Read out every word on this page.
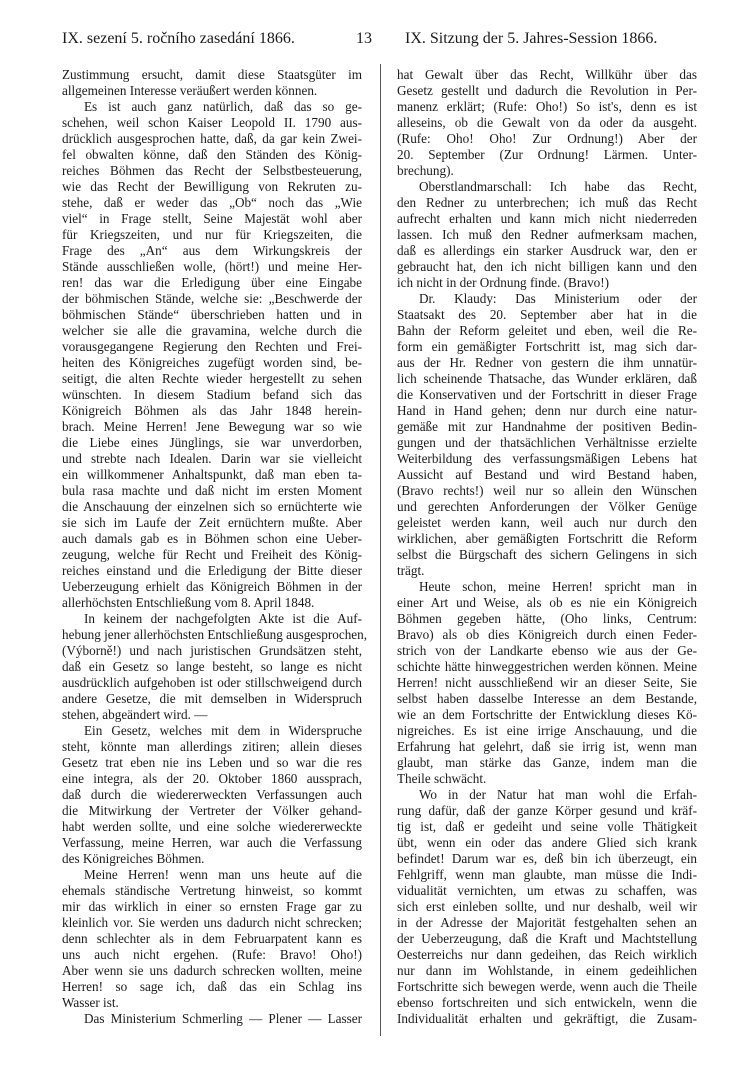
IX. sezení 5. ročního zasedání 1866.	13 IX. Sitzung der 5. Jahres-Session 1866.
Zustimmung ersucht, damit diese Staatsgüter im
allgemeinen Interesse veräußert werden können.
Es ist auch ganz natürlich, daß das so ge-
schehen, weil schon Kaiser Leopold II. 1790 aus-
drücklich ausgesprochen hatte, daß, da gar kein Zwei-
fel obwalten könne, daß den Ständen des König-
reiches Böhmen das Recht der Selbstbesteuerung,
wie das Recht der Bewilligung von Rekruten zu-
stehe, daß er weder das „Ob“ noch das „Wie
viel“ in Frage stellt, Seine Majestät wohl aber
für Kriegszeiten, und nur für Kriegszeiten, die
Frage des „An“ aus dem Wirkungskreis der
Stände ausschließen wolle, (hört!) und meine Her-
ren! das war die Erledigung über eine Eingabe
der böhmischen Stände, welche sie: „Beschwerde der
böhmischen Stände“ überschrieben hatten und in
welcher sie alle die gravamina, welche durch die
vorausgegangene Regierung den Rechten und Frei-
heiten des Königreiches zugefügt worden sind, be-
seitigt, die alten Rechte wieder hergestellt zu sehen
wünschten. In diesem Stadium befand sich das
Königreich Böhmen als das Jahr 1848 herein-
brach. Meine Herren! Jene Bewegung war so wie
die Liebe eines Jünglings, sie war unverdorben,
und strebte nach Idealen. Darin war sie vielleicht
ein willkommener Anhaltspunkt, daß man eben ta-
bula rasa machte und daß nicht im ersten Moment
die Anschauung der einzelnen sich so ernüchterte wie
sie sich im Laufe der Zeit ernüchtern mußte. Aber
auch damals gab es in Böhmen schon eine Ueber-
zeugung, welche für Recht und Freiheit des König-
reiches einstand und die Erledigung der Bitte dieser
Ueberzeugung erhielt das Königreich Böhmen in der
allerhöchsten Entschließung vom 8. April 1848.
In keinem der nachgefolgten Akte ist die Auf-
hebung jener allerhöchsten Entschließung ausgesprochen,
(Výborně!) und nach juristischen Grundsätzen steht,
daß ein Gesetz so lange besteht, so lange es nicht
ausdrücklich aufgehoben ist oder stillschweigend durch
andere Gesetze, die mit demselben in Widerspruch
stehen, abgeändert wird. —
Ein Gesetz, welches mit dem in Widerspruche
steht, könnte man allerdings zitiren; allein dieses
Gesetz trat eben nie ins Leben und so war die res
eine integra, als der 20. Oktober 1860 aussprach,
daß durch die wiedererweckten Verfassungen auch
die Mitwirkung der Vertreter der Völker gehand-
habt werden sollte, und eine solche wiedererweckte
Verfassung, meine Herren, war auch die Verfassung
des Königreiches Böhmen.
Meine Herren! wenn man uns heute auf die
ehemals ständische Vertretung hinweist, so kommt
mir das wirklich in einer so ernsten Frage gar zu
kleinlich vor. Sie werden uns dadurch nicht schrecken;
denn schlechter als in dem Februarpatent kann es
uns auch nicht ergehen. (Rufe: Bravo! Oho!)
Aber wenn sie uns dadurch schrecken wollten, meine
Herren! so sage ich, daß das ein Schlag ins
Wasser ist.
Das Ministerium Schmerling — Plener — Lasser
hat Gewalt über das Recht, Willkühr über das
Gesetz gestellt und dadurch die Revolution in Per-
manenz erklärt; (Rufe: Oho!) So ist's, denn es ist
alleseins, ob die Gewalt von da oder da ausgeht.
(Rufe: Oho! Oho! Zur Ordnung!) Aber der
20. September (Zur Ordnung! Lärmen. Unter-
brechung).
Oberstlandmarschall: Ich habe das Recht,
den Redner zu unterbrechen; ich muß das Recht
aufrecht erhalten und kann mich nicht niederreden
lassen. Ich muß den Redner aufmerksam machen,
daß es allerdings ein starker Ausdruck war, den er
gebraucht hat, den ich nicht billigen kann und den
ich nicht in der Ordnung finde. (Bravo!)
Dr. Klaudy: Das Ministerium oder der
Staatsakt des 20. September aber hat in die
Bahn der Reform geleitet und eben, weil die Re-
form ein gemäßigter Fortschritt ist, mag sich dar-
aus der Hr. Redner von gestern die ihm unnatür-
lich scheinende Thatsache, das Wunder erklären, daß
die Konservativen und der Fortschritt in dieser Frage
Hand in Hand gehen; denn nur durch eine natur-
gemäße mit zur Handnahme der positiven Bedin-
gungen und der thatsächlichen Verhältnisse erzielte
Weiterbildung des verfassungsmäßigen Lebens hat
Aussicht auf Bestand und wird Bestand haben,
(Bravo rechts!) weil nur so allein den Wünschen
und gerechten Anforderungen der Völker Genüge
geleistet werden kann, weil auch nur durch den
wirklichen, aber gemäßigten Fortschritt die Reform
selbst die Bürgschaft des sichern Gelingens in sich
trägt.
Heute schon, meine Herren! spricht man in
einer Art und Weise, als ob es nie ein Königreich
Böhmen gegeben hätte, (Oho links, Centrum:
Bravo) als ob dies Königreich durch einen Feder-
strich von der Landkarte ebenso wie aus der Ge-
schichte hätte hinweggestrichen werden können. Meine
Herren! nicht ausschließend wir an dieser Seite, Sie
selbst haben dasselbe Interesse an dem Bestande,
wie an dem Fortschritte der Entwicklung dieses Kö-
nigreiches. Es ist eine irrige Anschauung, und die
Erfahrung hat gelehrt, daß sie irrig ist, wenn man
glaubt, man stärke das Ganze, indem man die
Theile schwächt.
Wo in der Natur hat man wohl die Erfah-
rung dafür, daß der ganze Körper gesund und kräf-
tig ist, daß er gedeiht und seine volle Thätigkeit
übt, wenn ein oder das andere Glied sich krank
befindet! Darum war es, deß bin ich überzeugt, ein
Fehlgriff, wenn man glaubte, man müsse die Indi-
vidualität vernichten, um etwas zu schaffen, was
sich erst einleben sollte, und nur deshalb, weil wir
in der Adresse der Majorität festgehalten sehen an
der Ueberzeugung, daß die Kraft und Machtstellung
Oesterreichs nur dann gedeihen, das Reich wirklich
nur dann im Wohlstande, in einem gedeihlichen
Fortschritte sich bewegen werde, wenn auch die Theile
ebenso fortschreiten und sich entwickeln, wenn die
Individualität erhalten und gekräftigt, die Zusam-
